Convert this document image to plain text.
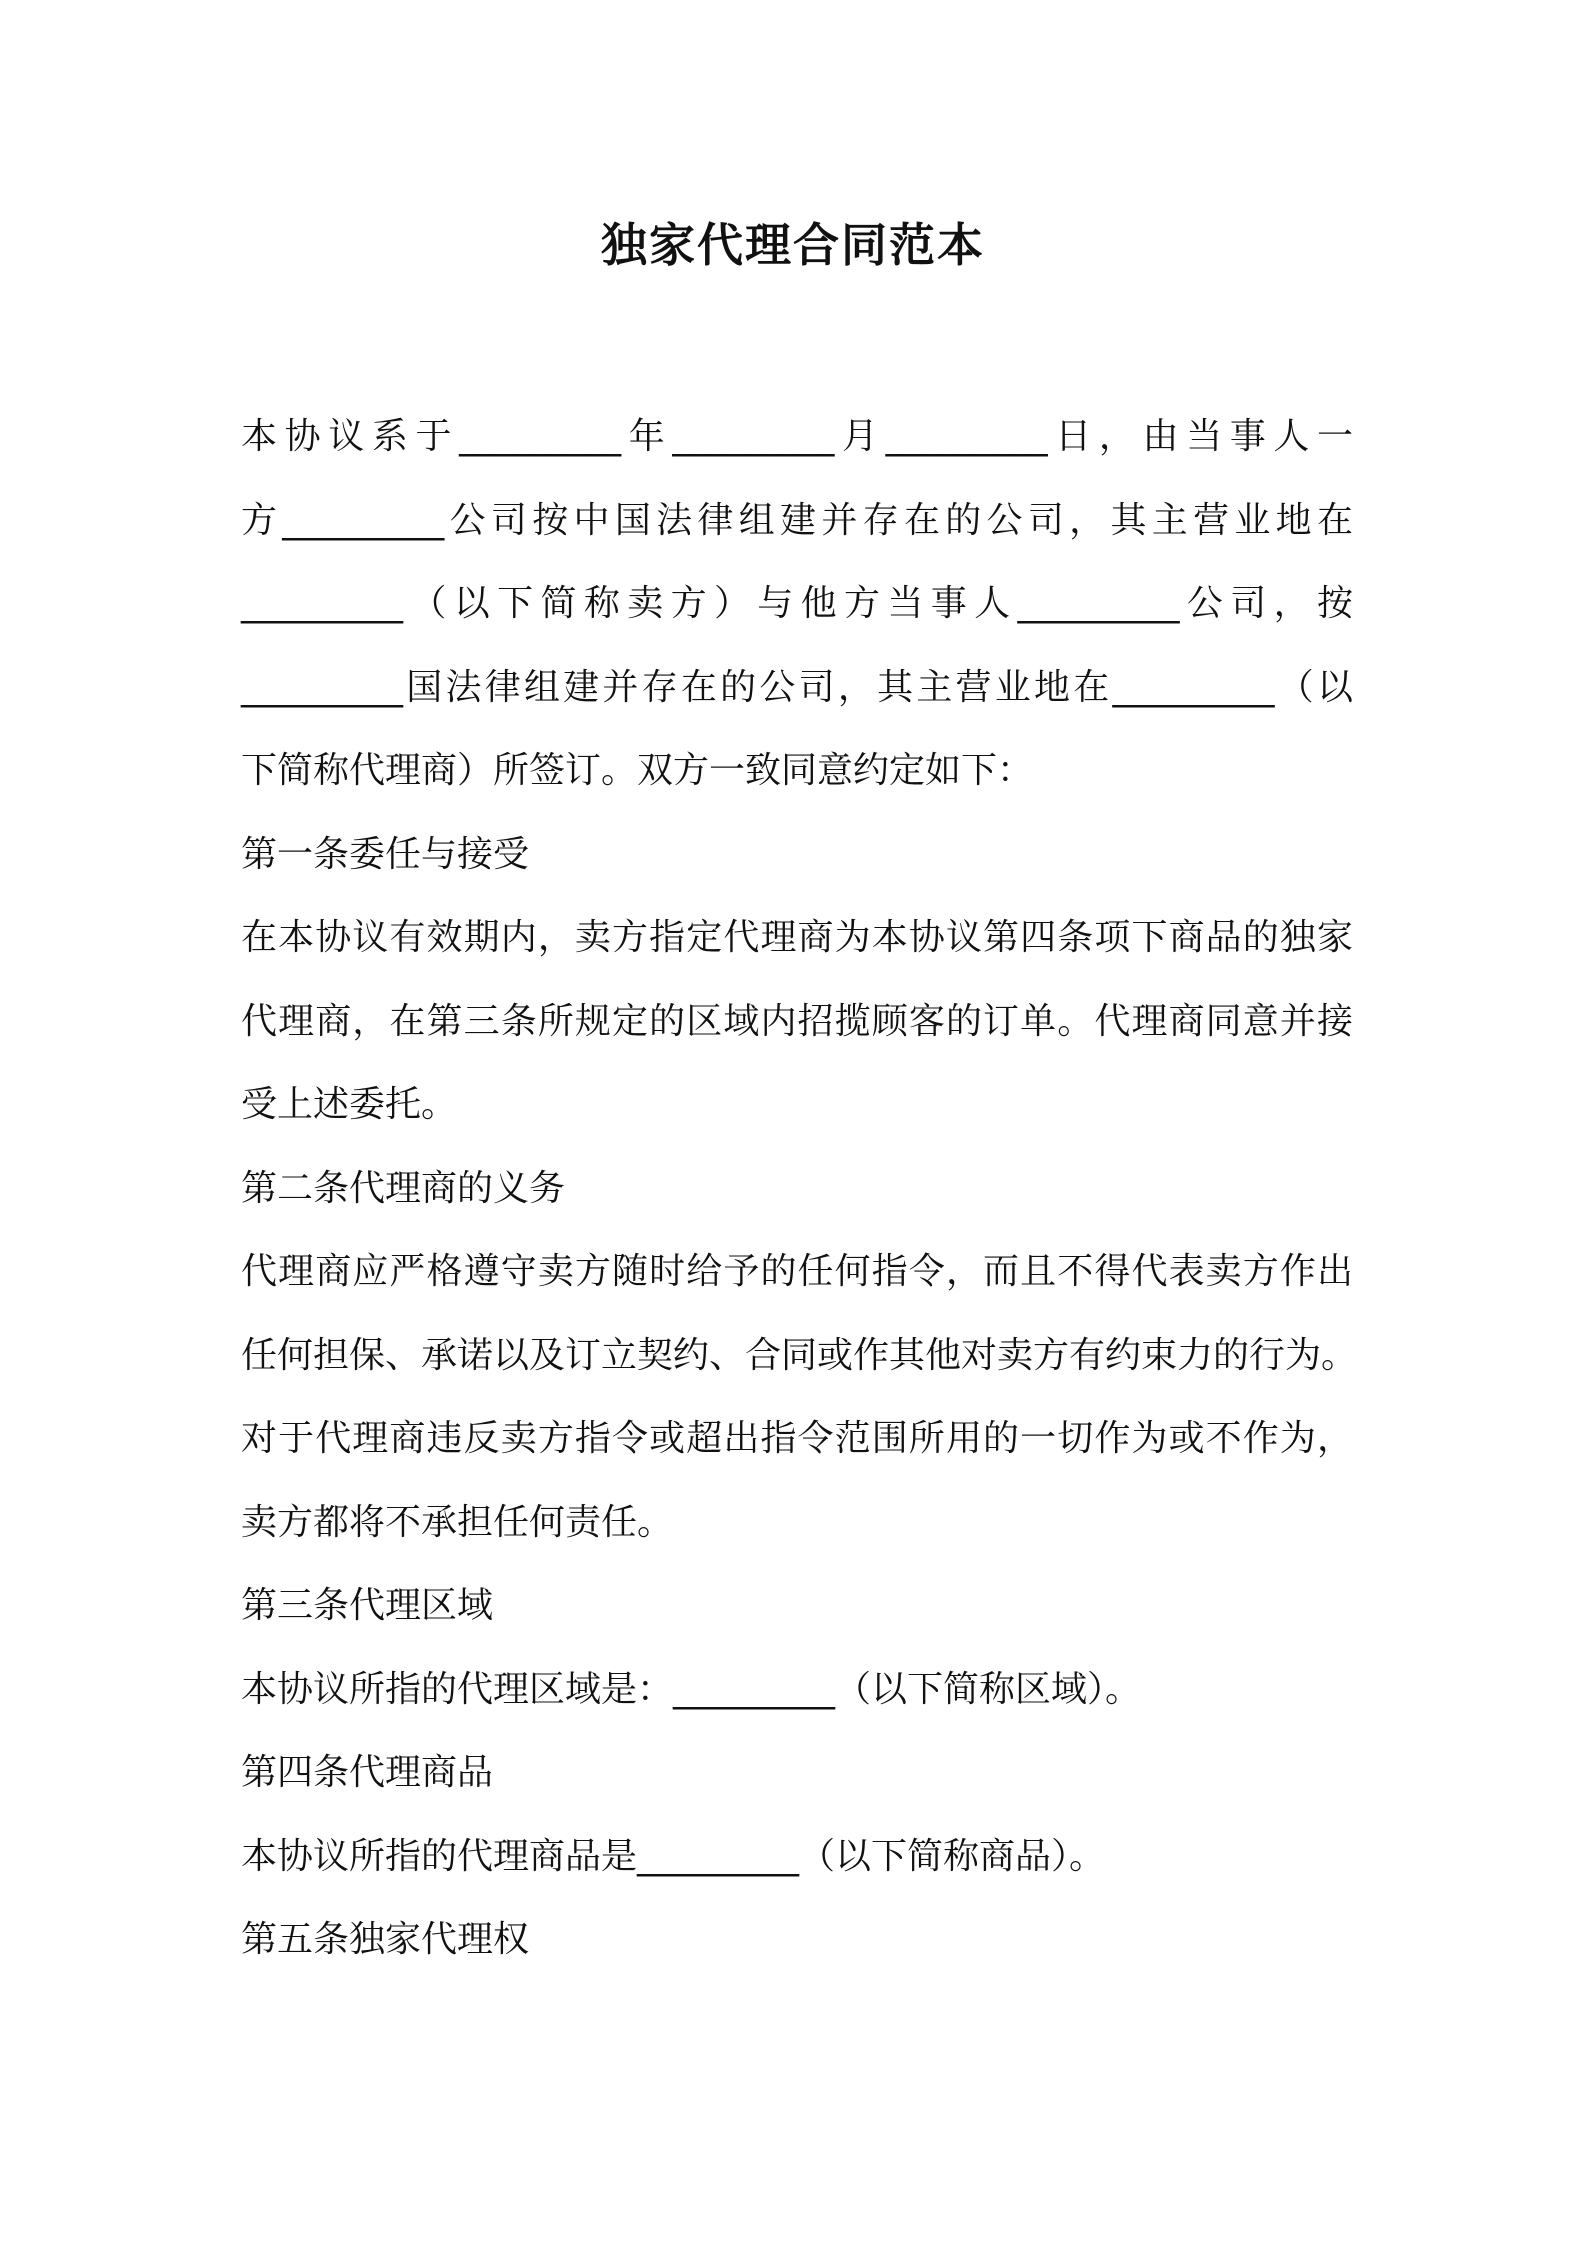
独家代理合同范本
本协议系于_________年_________月_________日，由当事人一
方_________公司按中国法律组建并存在的公司，其主营业地在
_________（以下简称卖方）与他方当事人_________公司，按
_________国法律组建并存在的公司，其主营业地在_________（以
下简称代理商）所签订。双方一致同意约定如下：
第一条委任与接受
在本协议有效期内，卖方指定代理商为本协议第四条项下商品的独家
代理商，在第三条所规定的区域内招揽顾客的订单。代理商同意并接
受上述委托。
第二条代理商的义务
代理商应严格遵守卖方随时给予的任何指令，而且不得代表卖方作出
任何担保、承诺以及订立契约、合同或作其他对卖方有约束力的行为。
对于代理商违反卖方指令或超出指令范围所用的一切作为或不作为，
卖方都将不承担任何责任。
第三条代理区域
本协议所指的代理区域是：_________（以下简称区域）。
第四条代理商品
本协议所指的代理商品是_________（以下简称商品）。
第五条独家代理权
